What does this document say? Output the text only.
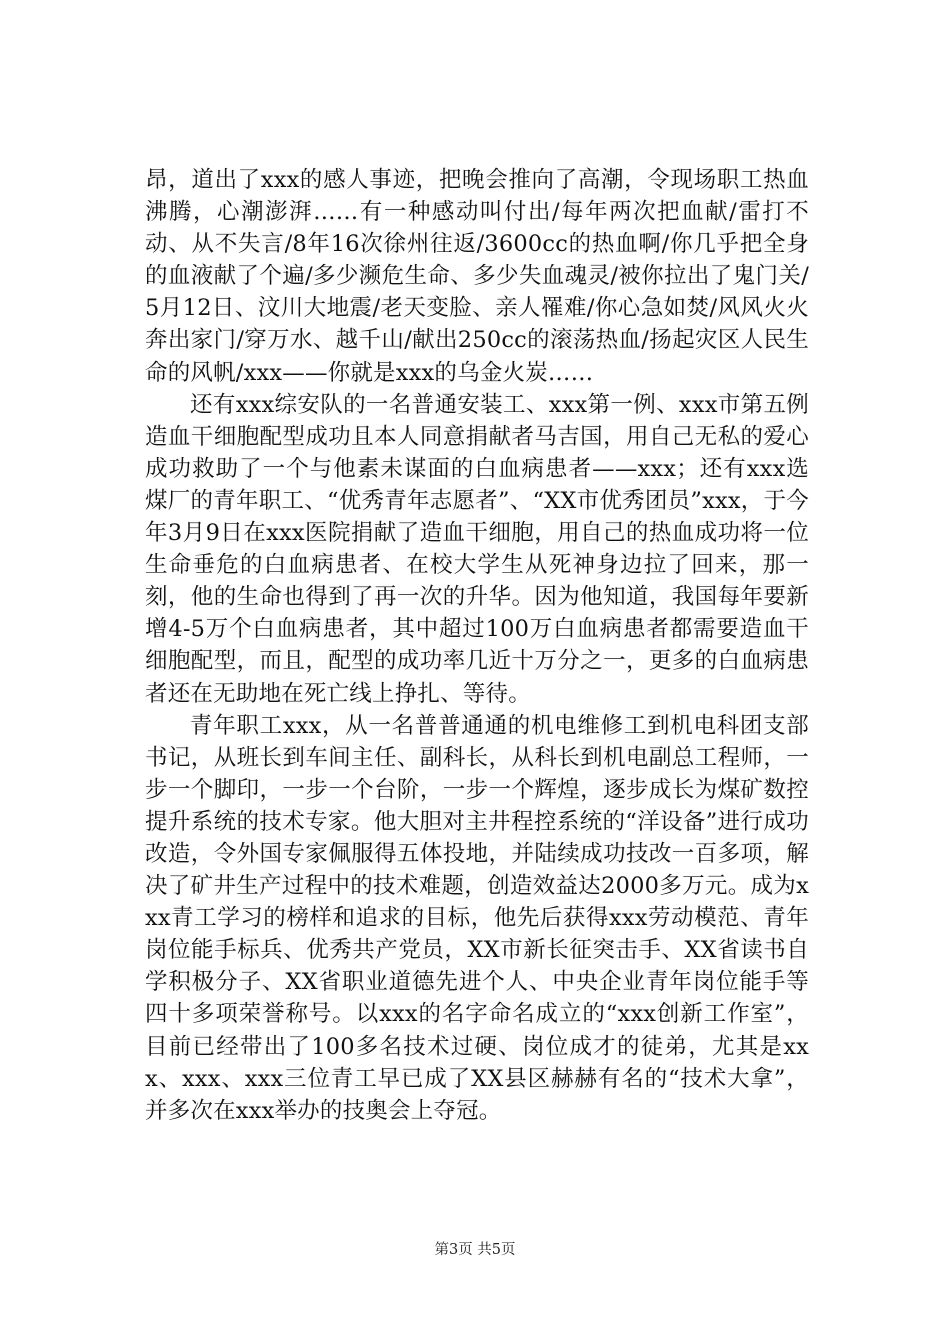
昂，道出了xxx的感人事迹，把晚会推向了高潮，令现场职工热血沸腾，心潮澎湃……有一种感动叫付出/每年两次把血献/雷打不动、从不失言/8年16次徐州往返/3600cc的热血啊/你几乎把全身的血液献了个遍/多少濒危生命、多少失血魂灵/被你拉出了鬼门关/5月12日、汶川大地震/老天变脸、亲人罹难/你心急如焚/风风火火奔出家门/穿万水、越千山/献出250cc的滚荡热血/扬起灾区人民生命的风帆/xxx——你就是xxx的乌金火炭……

还有xxx综安队的一名普通安装工、xxx第一例、xxx市第五例造血干细胞配型成功且本人同意捐献者马吉国，用自己无私的爱心成功救助了一个与他素未谋面的白血病患者——xxx；还有xxx选煤厂的青年职工、“优秀青年志愿者”、“XX市优秀团员”xxx，于今年3月9日在xxx医院捐献了造血干细胞，用自己的热血成功将一位生命垂危的白血病患者、在校大学生从死神身边拉了回来，那一刻，他的生命也得到了再一次的升华。因为他知道，我国每年要新增4-5万个白血病患者，其中超过100万白血病患者都需要造血干细胞配型，而且，配型的成功率几近十万分之一，更多的白血病患者还在无助地在死亡线上挣扎、等待。

青年职工xxx，从一名普普通通的机电维修工到机电科团支部书记，从班长到车间主任、副科长，从科长到机电副总工程师，一步一个脚印，一步一个台阶，一步一个辉煌，逐步成长为煤矿数控提升系统的技术专家。他大胆对主井程控系统的“洋设备”进行成功改造，令外国专家佩服得五体投地，并陆续成功技改一百多项，解决了矿井生产过程中的技术难题，创造效益达2000多万元。成为xxx青工学习的榜样和追求的目标，他先后获得xxx劳动模范、青年岗位能手标兵、优秀共产党员，XX市新长征突击手、XX省读书自学积极分子、XX省职业道德先进个人、中央企业青年岗位能手等四十多项荣誉称号。以xxx的名字命名成立的“xxx创新工作室”，目前已经带出了100多名技术过硬、岗位成才的徒弟，尤其是xxx、xxx、xxx三位青工早已成了XX县区赫赫有名的“技术大拿”，并多次在xxx举办的技奥会上夺冠。

第3页 共5页
